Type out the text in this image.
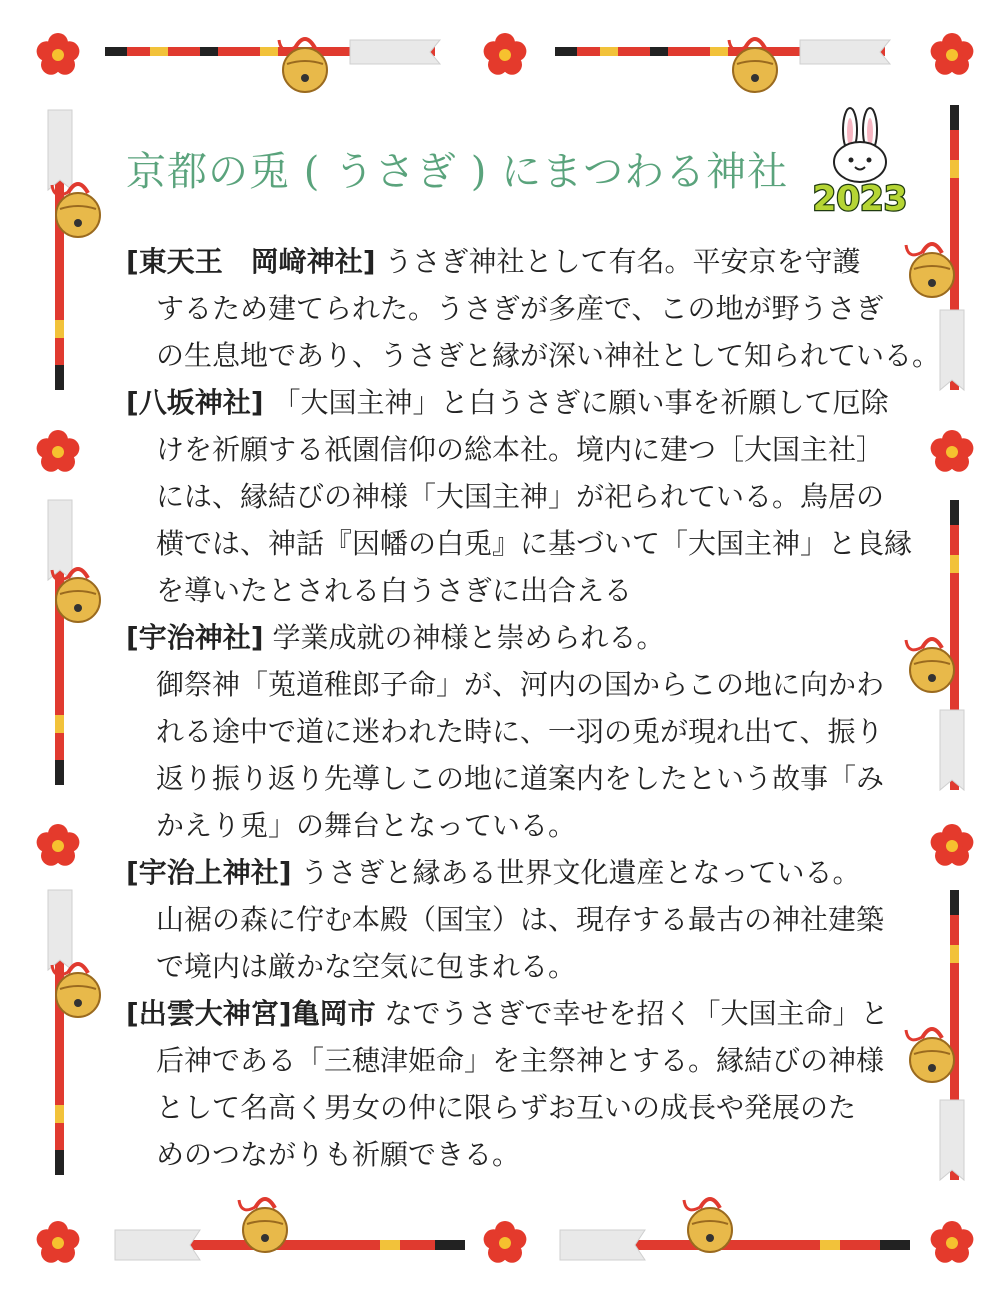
京都の兎 ( うさぎ ) にまつわる神社
2023

[東天王　岡﨑神社] うさぎ神社として有名。平安京を守護
するため建てられた。うさぎが多産で、この地が野うさぎ
の生息地であり、うさぎと縁が深い神社として知られている。

[八坂神社] 「大国主神」と白うさぎに願い事を祈願して厄除
けを祈願する祇園信仰の総本社。境内に建つ［大国主社］
には、縁結びの神様「大国主神」が祀られている。鳥居の
横では、神話『因幡の白兎』に基づいて「大国主神」と良縁
を導いたとされる白うさぎに出合える

[宇治神社] 学業成就の神様と崇められる。
御祭神「莵道稚郎子命」が、河内の国からこの地に向かわ
れる途中で道に迷われた時に、一羽の兎が現れ出て、振り
返り振り返り先導しこの地に道案内をしたという故事「み
かえり兎」の舞台となっている。

[宇治上神社] うさぎと縁ある世界文化遺産となっている。
山裾の森に佇む本殿（国宝）は、現存する最古の神社建築
で境内は厳かな空気に包まれる。

[出雲大神宮]亀岡市 なでうさぎで幸せを招く「大国主命」と
后神である「三穂津姫命」を主祭神とする。縁結びの神様
として名高く男女の仲に限らずお互いの成長や発展のた
めのつながりも祈願できる。
